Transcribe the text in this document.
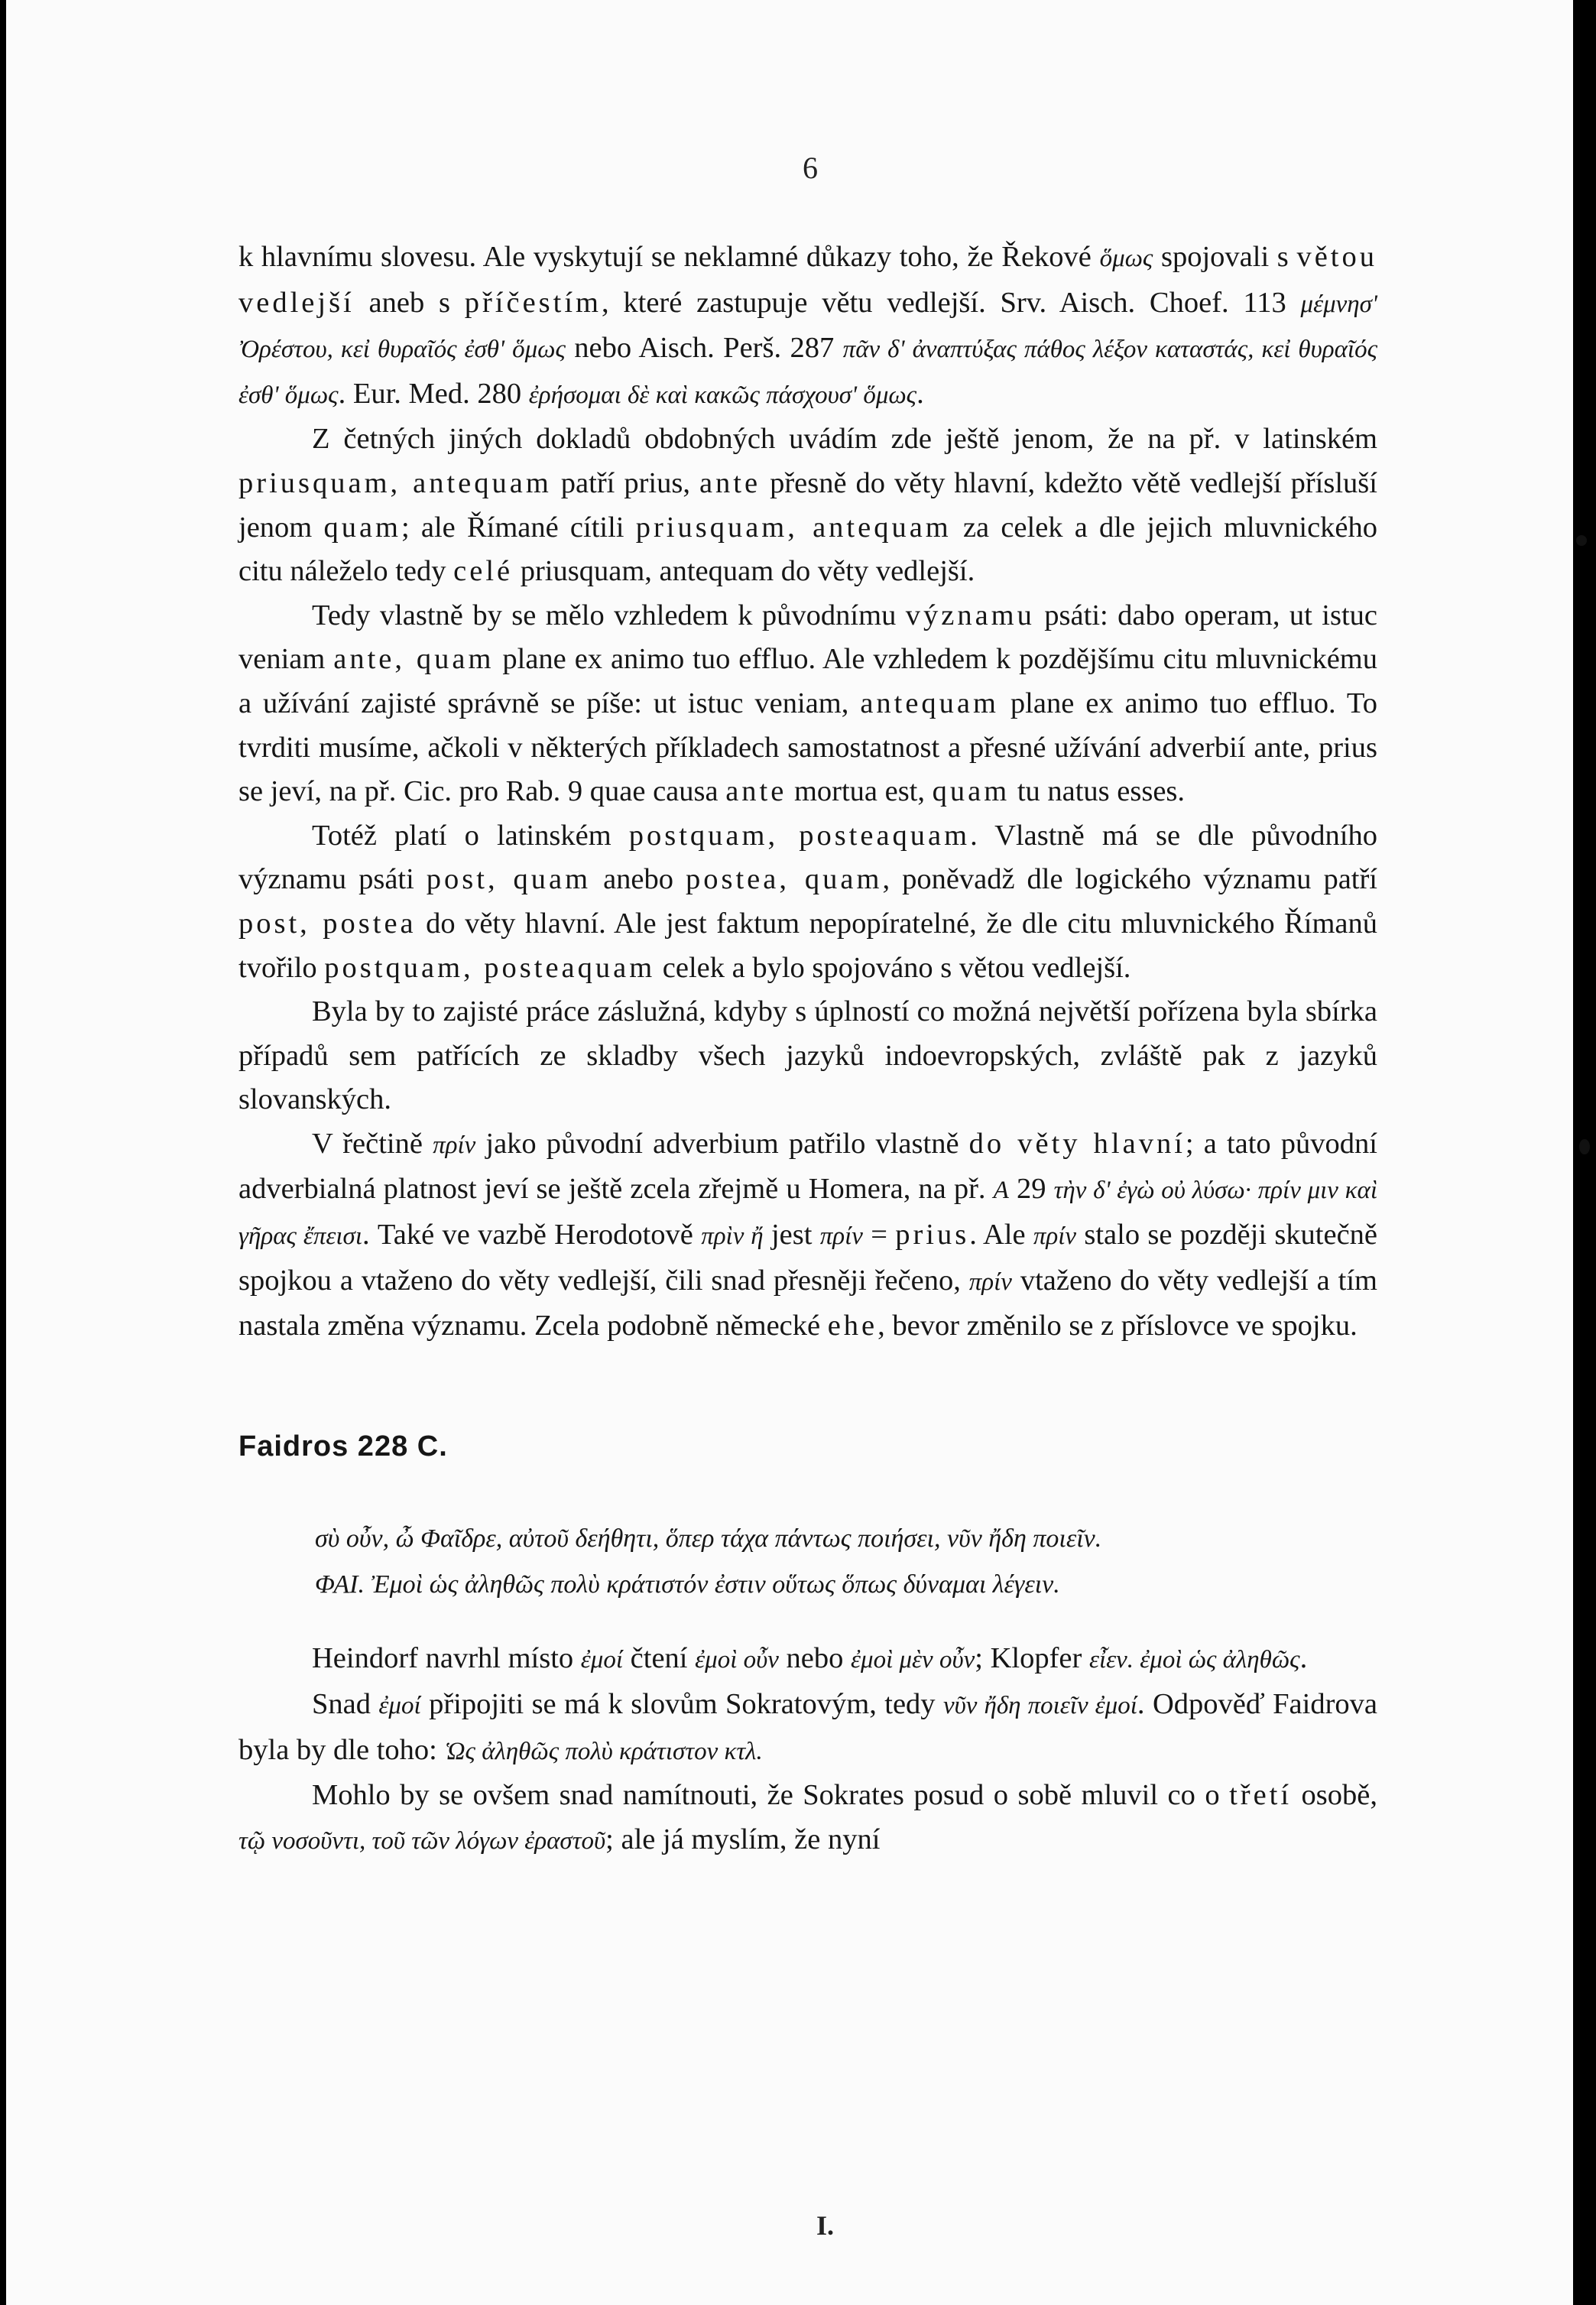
6

k hlavnímu slovesu. Ale vyskytují se neklamné důkazy toho, že Řekové ὅμως spojovali s větou vedlejší aneb s příčestím, které zastupuje větu vedlejší. Srv. Aisch. Choef. 113 μέμνησ' Ὀρέστου, κεἰ θυραῖός ἐσθ' ὅμως nebo Aisch. Perš. 287 πᾶν δ' ἀναπτύξας πάθος λέξον καταστάς, κεἰ θυραῖός ἐσθ' ὅμως. Eur. Med. 280 ἐρήσομαι δὲ καὶ κακῶς πάσχουσ' ὅμως.

Z četných jiných dokladů obdobných uvádím zde ještě jenom, že na př. v latinském priusquam, antequam patří prius, ante přesně do věty hlavní, kdežto větě vedlejší přísluší jenom quam; ale Římané cítili priusquam, antequam za celek a dle jejich mluvnického citu náleželo tedy celé priusquam, antequam do věty vedlejší.

Tedy vlastně by se mělo vzhledem k původnímu významu psáti: dabo operam, ut istuc veniam ante, quam plane ex animo tuo effluo. Ale vzhledem k pozdějšímu citu mluvnickému a užívání zajisté správně se píše: ut istuc veniam, antequam plane ex animo tuo effluo. To tvrditi musíme, ačkoli v některých příkladech samostatnost a přesné užívání adverbií ante, prius se jeví, na př. Cic. pro Rab. 9 quae causa ante mortua est, quam tu natus esses.

Totéž platí o latinském postquam, posteaquam. Vlastně má se dle původního významu psáti post, quam anebo postea, quam, poněvadž dle logického významu patří post, postea do věty hlavní. Ale jest faktum nepopíratelné, že dle citu mluvnického Římanů tvořilo postquam, posteaquam celek a bylo spojováno s větou vedlejší.

Byla by to zajisté práce záslužná, kdyby s úplností co možná největší pořízena byla sbírka případů sem patřících ze skladby všech jazyků indoevropských, zvláště pak z jazyků slovanských.

V řečtině πρίν jako původní adverbium patřilo vlastně do věty hlavní; a tato původní adverbialná platnost jeví se ještě zcela zřejmě u Homera, na př. A 29 τὴν δ' ἐγὼ οὐ λύσω· πρίν μιν καὶ γῆρας ἔπεισι. Také ve vazbě Herodotově πρὶν ἤ jest πρίν = prius. Ale πρίν stalo se později skutečně spojkou a vtaženo do věty vedlejší, čili snad přesněji řečeno, πρίν vtaženo do věty vedlejší a tím nastala změna významu. Zcela podobně německé ehe, bevor změnilo se z příslovce ve spojku.

Faidros 228 C.

σὺ οὖν, ὦ Φαῖδρε, αὐτοῦ δεήθητι, ὅπερ τάχα πάντως ποιήσει, νῦν ἤδη ποιεῖν.

ΦΑΙ. Ἐμοὶ ὡς ἀληθῶς πολὺ κράτιστόν ἐστιν οὕτως ὅπως δύναμαι λέγειν.

Heindorf navrhl místo ἐμοί čtení ἐμοὶ οὖν nebo ἐμοὶ μὲν οὖν; Klopfer εἶεν. ἐμοὶ ὡς ἀληθῶς.

Snad ἐμοί připojiti se má k slovům Sokratovým, tedy νῦν ἤδη ποιεῖν ἐμοί. Odpověď Faidrova byla by dle toho: Ὡς ἀληθῶς πολὺ κράτιστον κτλ.

Mohlo by se ovšem snad namítnouti, že Sokrates posud o sobě mluvil co o třetí osobě, τῷ νοσοῦντι, τοῦ τῶν λόγων ἐραστοῦ; ale já myslím, že nyní

I.
